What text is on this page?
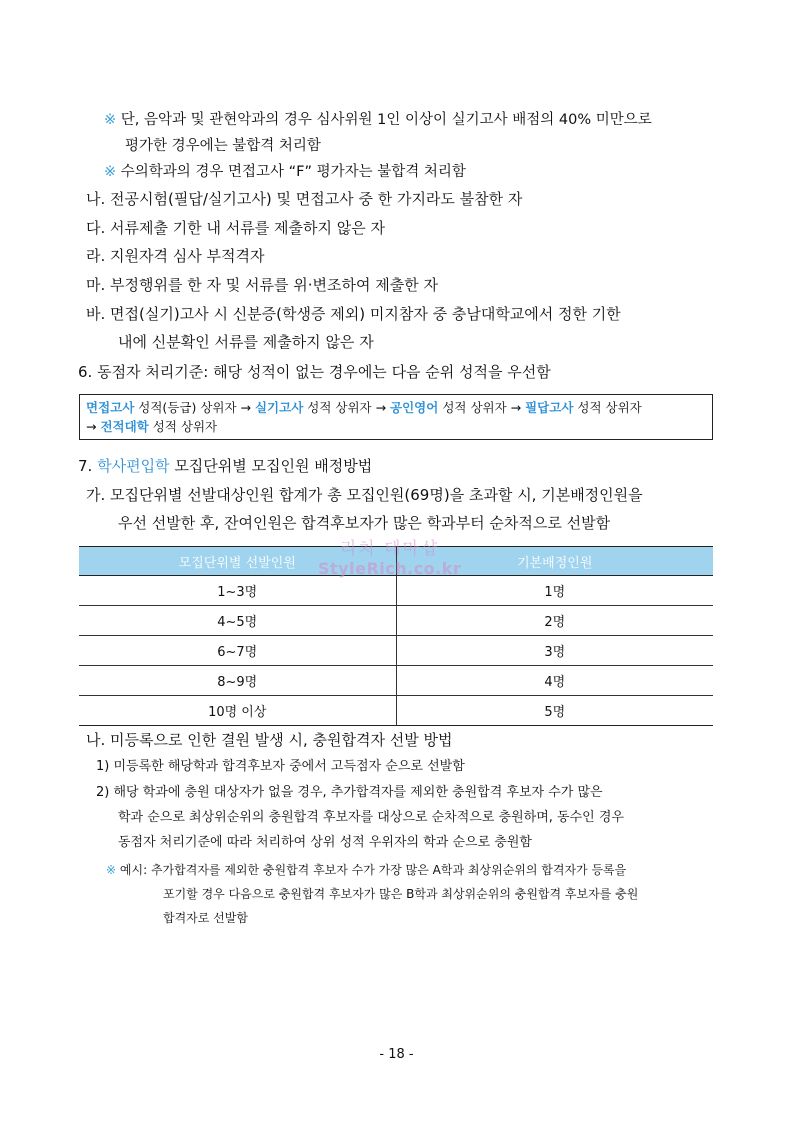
※ 단, 음악과 및 관현악과의 경우 심사위원 1인 이상이 실기고사 배점의 40% 미만으로
평가한 경우에는 불합격 처리함
※ 수의학과의 경우 면접고사 “F” 평가자는 불합격 처리함
나. 전공시험(필답/실기고사) 및 면접고사 중 한 가지라도 불참한 자
다. 서류제출 기한 내 서류를 제출하지 않은 자
라. 지원자격 심사 부적격자
마. 부정행위를 한 자 및 서류를 위·변조하여 제출한 자
바. 면접(실기)고사 시 신분증(학생증 제외) 미지참자 중 충남대학교에서 정한 기한
내에 신분확인 서류를 제출하지 않은 자
6. 동점자 처리기준: 해당 성적이 없는 경우에는 다음 순위 성적을 우선함
면접고사 성적(등급) 상위자 → 실기고사 성적 상위자 → 공인영어 성적 상위자 → 필답고사 성적 상위자
→ 전적대학 성적 상위자
7. 학사편입학 모집단위별 모집인원 배정방법
가. 모집단위별 선발대상인원 합계가 총 모집인원(69명)을 초과할 시, 기본배정인원을
우선 선발한 후, 잔여인원은 합격후보자가 많은 학과부터 순차적으로 선발함
모집단위별 선발인원	기본배정인원
1~3명	1명
4~5명	2명
6~7명	3명
8~9명	4명
10명 이상	5명
리치 테마샵
StyleRich.co.kr
나. 미등록으로 인한 결원 발생 시, 충원합격자 선발 방법
1) 미등록한 해당학과 합격후보자 중에서 고득점자 순으로 선발함
2) 해당 학과에 충원 대상자가 없을 경우, 추가합격자를 제외한 충원합격 후보자 수가 많은
학과 순으로 최상위순위의 충원합격 후보자를 대상으로 순차적으로 충원하며, 동수인 경우
동점자 처리기준에 따라 처리하여 상위 성적 우위자의 학과 순으로 충원함
※ 예시: 추가합격자를 제외한 충원합격 후보자 수가 가장 많은 A학과 최상위순위의 합격자가 등록을
포기할 경우 다음으로 충원합격 후보자가 많은 B학과 최상위순위의 충원합격 후보자를 충원
합격자로 선발함
- 18 -
